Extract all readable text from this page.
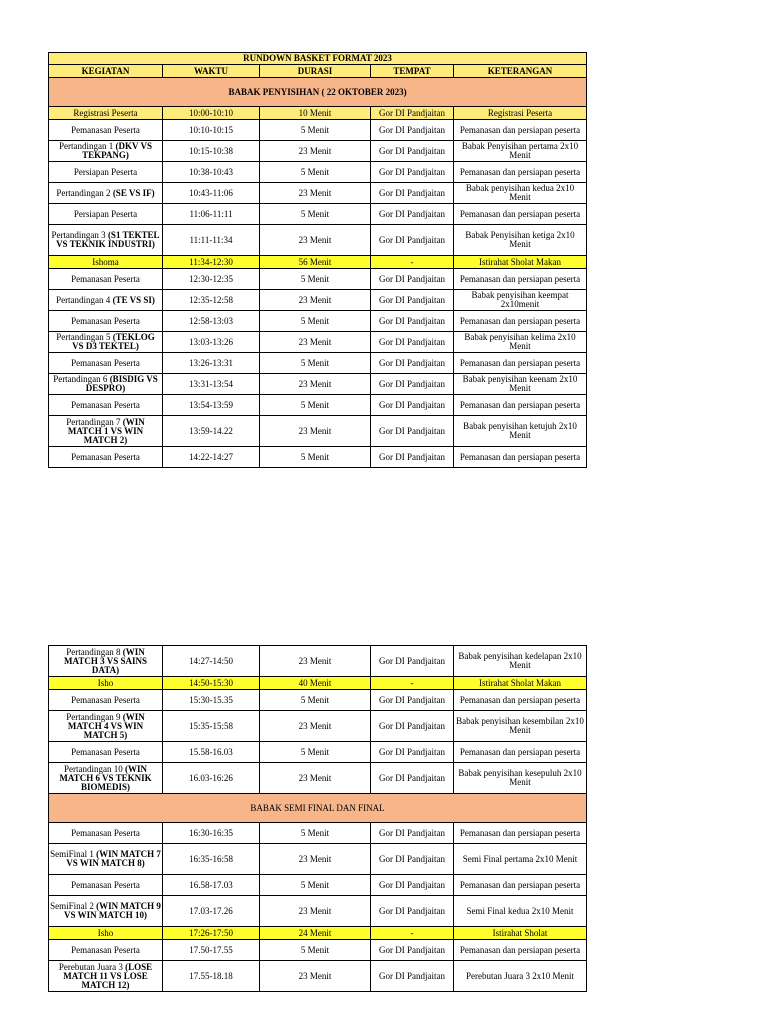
RUNDOWN BASKET FORMAT 2023				
KEGIATAN	WAKTU	DURASI	TEMPAT	KETERANGAN
BABAK PENYISIHAN ( 22 OKTOBER 2023)				
Registrasi Peserta	10:00-10:10	10 Menit	Gor DI Pandjaitan	Registrasi Peserta
Pemanasan Peserta	10:10-10:15	5 Menit	Gor DI Pandjaitan	Pemanasan dan persiapan peserta
Pertandingan 1 (DKV VS TEKPANG)	10:15-10:38	23 Menit	Gor DI Pandjaitan	Babak Penyisihan pertama 2x10 Menit
Persiapan Peserta	10:38-10:43	5 Menit	Gor DI Pandjaitan	Pemanasan dan persiapan peserta
Pertandingan 2 (SE VS IF)	10:43-11:06	23 Menit	Gor DI Pandjaitan	Babak penyisihan kedua 2x10 Menit
Persiapan Peserta	11:06-11:11	5 Menit	Gor DI Pandjaitan	Pemanasan dan persiapan peserta
Pertandingan 3 (S1 TEKTEL VS TEKNIK INDUSTRI)	11:11-11:34	23 Menit	Gor DI Pandjaitan	Babak Penyisihan ketiga 2x10 Menit
Ishoma	11:34-12:30	56 Menit	-	Istirahat Sholat Makan
Pemanasan Peserta	12:30-12:35	5 Menit	Gor DI Pandjaitan	Pemanasan dan persiapan peserta
Pertandingan 4 (TE VS SI)	12:35-12:58	23 Menit	Gor DI Pandjaitan	Babak penyisihan keempat 2x10menit
Pemanasan Peserta	12:58-13:03	5 Menit	Gor DI Pandjaitan	Pemanasan dan persiapan peserta
Pertandingan 5 (TEKLOG VS D3 TEKTEL)	13:03-13:26	23 Menit	Gor DI Pandjaitan	Babak penyisihan kelima 2x10 Menit
Pemanasan Peserta	13:26-13:31	5 Menit	Gor DI Pandjaitan	Pemanasan dan persiapan peserta
Pertandingan 6 (BISDIG VS DESPRO)	13:31-13:54	23 Menit	Gor DI Pandjaitan	Babak penyisihan keenam 2x10 Menit
Pemanasan Peserta	13:54-13:59	5 Menit	Gor DI Pandjaitan	Pemanasan dan persiapan peserta
Pertandingan 7 (WIN MATCH 1 VS WIN MATCH 2)	13:59-14.22	23 Menit	Gor DI Pandjaitan	Babak penyisihan ketujuh 2x10 Menit
Pemanasan Peserta	14:22-14:27	5 Menit	Gor DI Pandjaitan	Pemanasan dan persiapan peserta
Pertandingan 8 (WIN MATCH 3 VS SAINS DATA)	14:27-14:50	23 Menit	Gor DI Pandjaitan	Babak penyisihan kedelapan 2x10 Menit
Isho	14:50-15:30	40 Menit	-	Istirahat Sholat Makan
Pemanasan Peserta	15:30-15.35	5 Menit	Gor DI Pandjaitan	Pemanasan dan persiapan peserta
Pertandingan 9 (WIN MATCH 4 VS WIN MATCH 5)	15:35-15:58	23 Menit	Gor DI Pandjaitan	Babak penyisihan kesembilan 2x10 Menit
Pemanasan Peserta	15.58-16.03	5 Menit	Gor DI Pandjaitan	Pemanasan dan persiapan peserta
Pertandingan 10 (WIN MATCH 6 VS TEKNIK BIOMEDIS)	16.03-16:26	23 Menit	Gor DI Pandjaitan	Babak penyisihan kesepuluh 2x10 Menit
BABAK SEMI FINAL DAN FINAL				
Pemanasan Peserta	16:30-16:35	5 Menit	Gor DI Pandjaitan	Pemanasan dan persiapan peserta
SemiFinal 1 (WIN MATCH 7 VS WIN MATCH 8)	16:35-16:58	23 Menit	Gor DI Pandjaitan	Semi Final pertama 2x10 Menit
Pemanasan Peserta	16.58-17.03	5 Menit	Gor DI Pandjaitan	Pemanasan dan persiapan peserta
SemiFinal 2 (WIN MATCH 9 VS WIN MATCH 10)	17.03-17.26	23 Menit	Gor DI Pandjaitan	Semi Final kedua 2x10 Menit
Isho	17:26-17:50	24 Menit	-	Istirahat Sholat
Pemanasan Peserta	17.50-17.55	5 Menit	Gor DI Pandjaitan	Pemanasan dan persiapan peserta
Perebutan Juara 3 (LOSE MATCH 11 VS LOSE MATCH 12)	17.55-18.18	23 Menit	Gor DI Pandjaitan	Perebutan Juara 3 2x10 Menit
